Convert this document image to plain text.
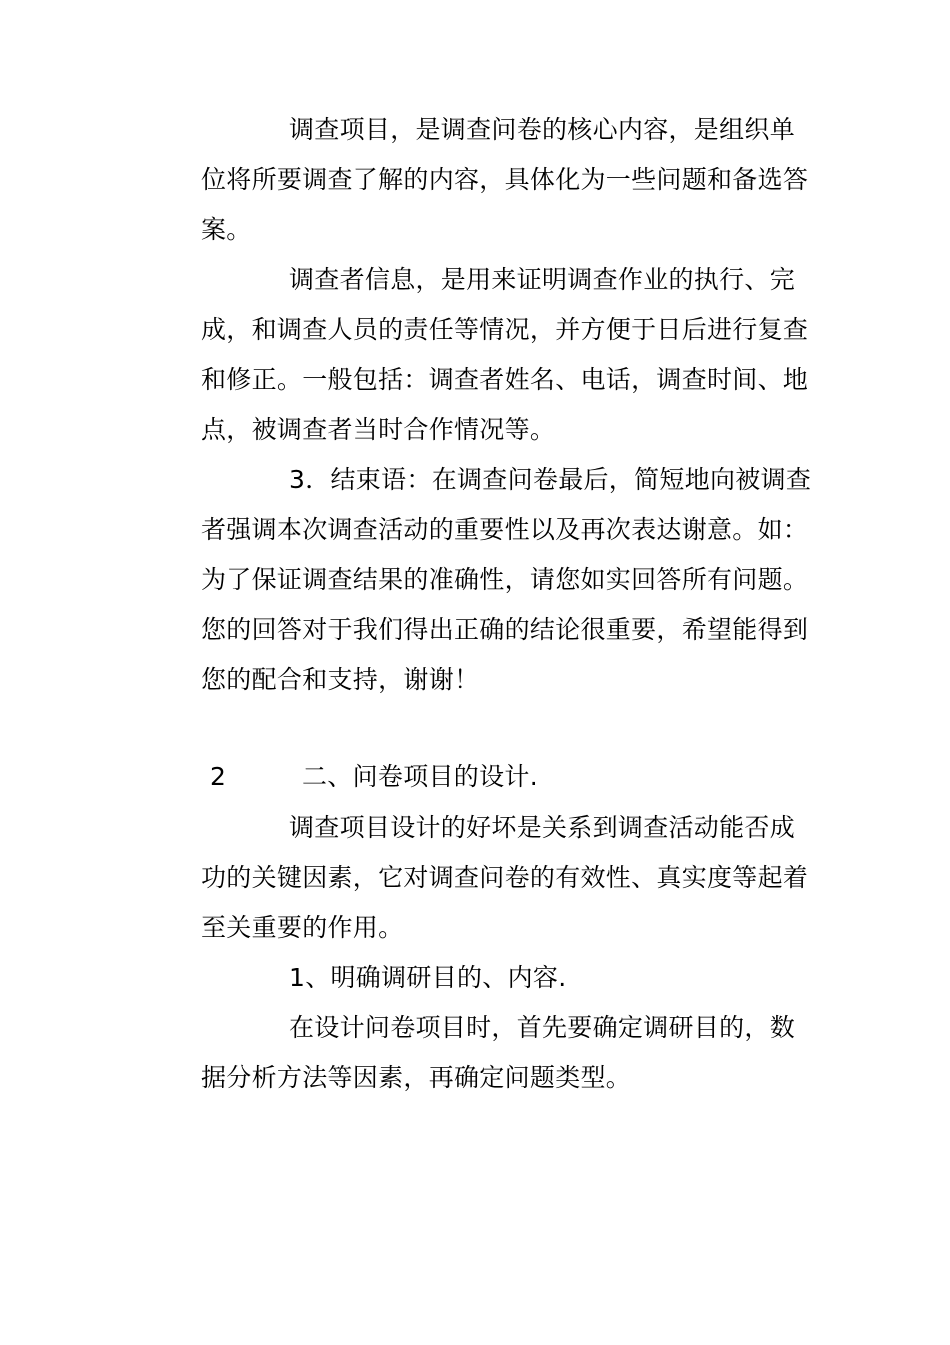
调查项目，是调查问卷的核心内容，是组织单
位将所要调查了解的内容，具体化为一些问题和备选答
案。
调查者信息，是用来证明调查作业的执行、完
成，和调查人员的责任等情况，并方便于日后进行复查
和修正。一般包括：调查者姓名、电话，调查时间、地
点，被调查者当时合作情况等。
3．结束语：在调查问卷最后，简短地向被调查
者强调本次调查活动的重要性以及再次表达谢意。如：
为了保证调查结果的准确性，请您如实回答所有问题。
您的回答对于我们得出正确的结论很重要，希望能得到
您的配合和支持，谢谢！
2	二、问卷项目的设计.
调查项目设计的好坏是关系到调查活动能否成
功的关键因素，它对调查问卷的有效性、真实度等起着
至关重要的作用。
1、明确调研目的、内容.
在设计问卷项目时，首先要确定调研目的，数
据分析方法等因素，再确定问题类型。
